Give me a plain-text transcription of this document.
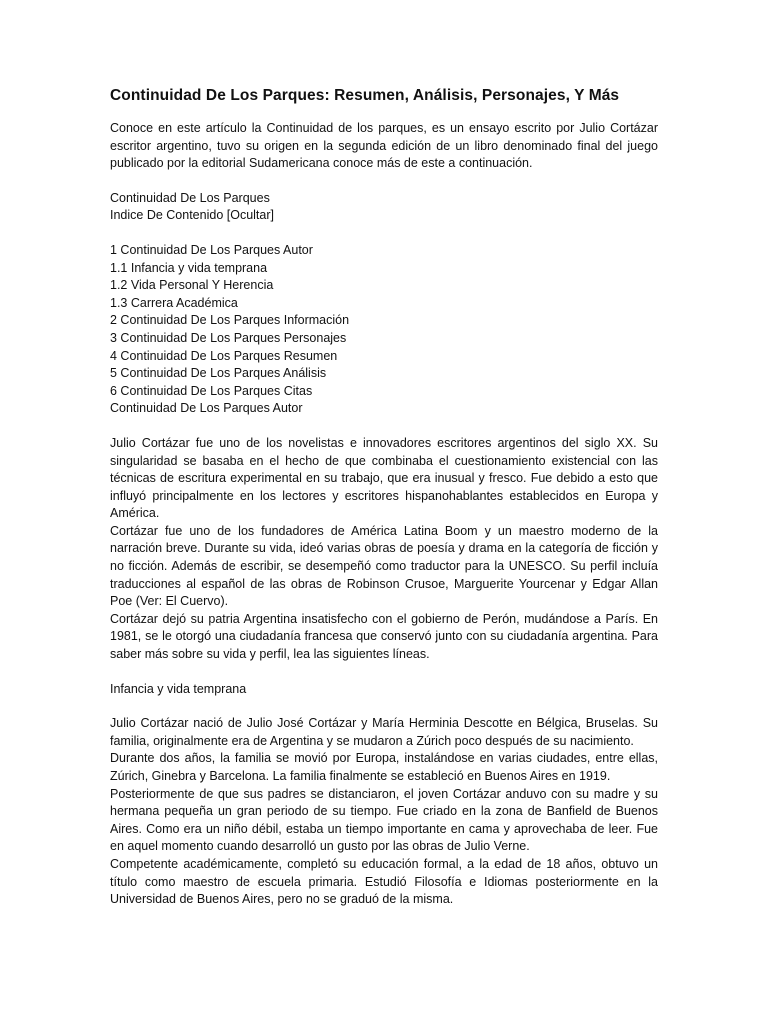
Continuidad De Los Parques: Resumen, Análisis, Personajes, Y Más

Conoce en este artículo la Continuidad de los parques, es un ensayo escrito por Julio Cortázar escritor argentino, tuvo su origen en la segunda edición de un libro denominado final del juego publicado por la editorial Sudamericana conoce más de este a continuación.

Continuidad De Los Parques

Indice De Contenido [Ocultar]

1 Continuidad De Los Parques Autor

1.1 Infancia y vida temprana

1.2 Vida Personal Y Herencia

1.3 Carrera Académica

2 Continuidad De Los Parques Información

3 Continuidad De Los Parques Personajes

4 Continuidad De Los Parques Resumen

5 Continuidad De Los Parques Análisis

6 Continuidad De Los Parques Citas

Continuidad De Los Parques Autor

Julio Cortázar fue uno de los novelistas e innovadores escritores argentinos del siglo XX. Su singularidad se basaba en el hecho de que combinaba el cuestionamiento existencial con las técnicas de escritura experimental en su trabajo, que era inusual y fresco. Fue debido a esto que influyó principalmente en los lectores y escritores hispanohablantes establecidos en Europa y América.

Cortázar fue uno de los fundadores de América Latina Boom y un maestro moderno de la narración breve. Durante su vida, ideó varias obras de poesía y drama en la categoría de ficción y no ficción. Además de escribir, se desempeñó como traductor para la UNESCO. Su perfil incluía traducciones al español de las obras de Robinson Crusoe, Marguerite Yourcenar y Edgar Allan Poe (Ver: El Cuervo).

Cortázar dejó su patria Argentina insatisfecho con el gobierno de Perón, mudándose a París. En 1981, se le otorgó una ciudadanía francesa que conservó junto con su ciudadanía argentina. Para saber más sobre su vida y perfil, lea las siguientes líneas.

Infancia y vida temprana

Julio Cortázar nació de Julio José Cortázar y María Herminia Descotte en Bélgica, Bruselas. Su familia, originalmente era de Argentina y se mudaron a Zúrich poco después de su nacimiento.

Durante dos años, la familia se movió por Europa, instalándose en varias ciudades, entre ellas, Zúrich, Ginebra y Barcelona. La familia finalmente se estableció en Buenos Aires en 1919.

Posteriormente de que sus padres se distanciaron, el joven Cortázar anduvo con su madre y su hermana pequeña un gran periodo de su tiempo. Fue criado en la zona de Banfield de Buenos Aires. Como era un niño débil, estaba un tiempo importante en cama y aprovechaba de leer. Fue en aquel momento cuando desarrolló un gusto por las obras de Julio Verne.

Competente académicamente, completó su educación formal, a la edad de 18 años, obtuvo un título como maestro de escuela primaria. Estudió Filosofía e Idiomas posteriormente en la Universidad de Buenos Aires, pero no se graduó de la misma.
